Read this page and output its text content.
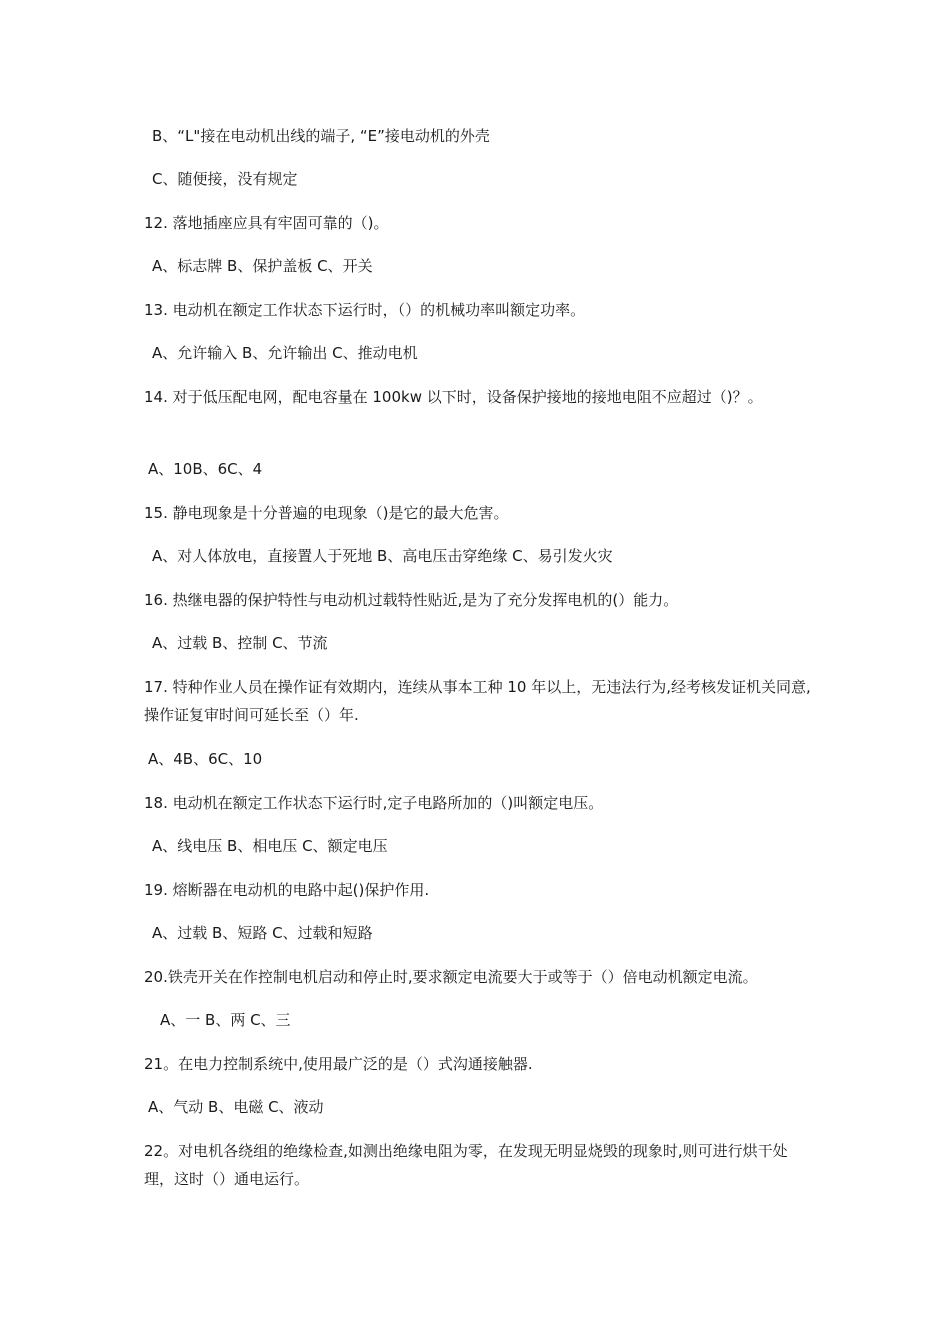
B、“L"接在电动机出线的端子, “E”接电动机的外壳
C、随便接，没有规定
12. 落地插座应具有牢固可靠的（)。
A、标志牌 B、保护盖板 C、开关
13. 电动机在额定工作状态下运行时，（）的机械功率叫额定功率。
A、允许输入 B、允许输出 C、推动电机
14. 对于低压配电网，配电容量在 100kw 以下时，设备保护接地的接地电阻不应超过（)？。
A、10B、6C、4
15. 静电现象是十分普遍的电现象（)是它的最大危害。
A、对人体放电，直接置人于死地 B、高电压击穿绝缘 C、易引发火灾
16. 热继电器的保护特性与电动机过载特性贴近,是为了充分发挥电机的(）能力。
A、过载 B、控制 C、节流
17. 特种作业人员在操作证有效期内，连续从事本工种 10 年以上，无违法行为,经考核发证机关同意,操作证复审时间可延长至（）年.
A、4B、6C、10
18. 电动机在额定工作状态下运行时,定子电路所加的（)叫额定电压。
A、线电压 B、相电压 C、额定电压
19. 熔断器在电动机的电路中起()保护作用.
A、过载 B、短路 C、过载和短路
20.铁壳开关在作控制电机启动和停止时,要求额定电流要大于或等于（）倍电动机额定电流。
A、一 B、两 C、三
21。在电力控制系统中,使用最广泛的是（）式沟通接触器.
A、气动 B、电磁 C、液动
22。对电机各绕组的绝缘检查,如测出绝缘电阻为零，在发现无明显烧毁的现象时,则可进行烘干处理，这时（）通电运行。
